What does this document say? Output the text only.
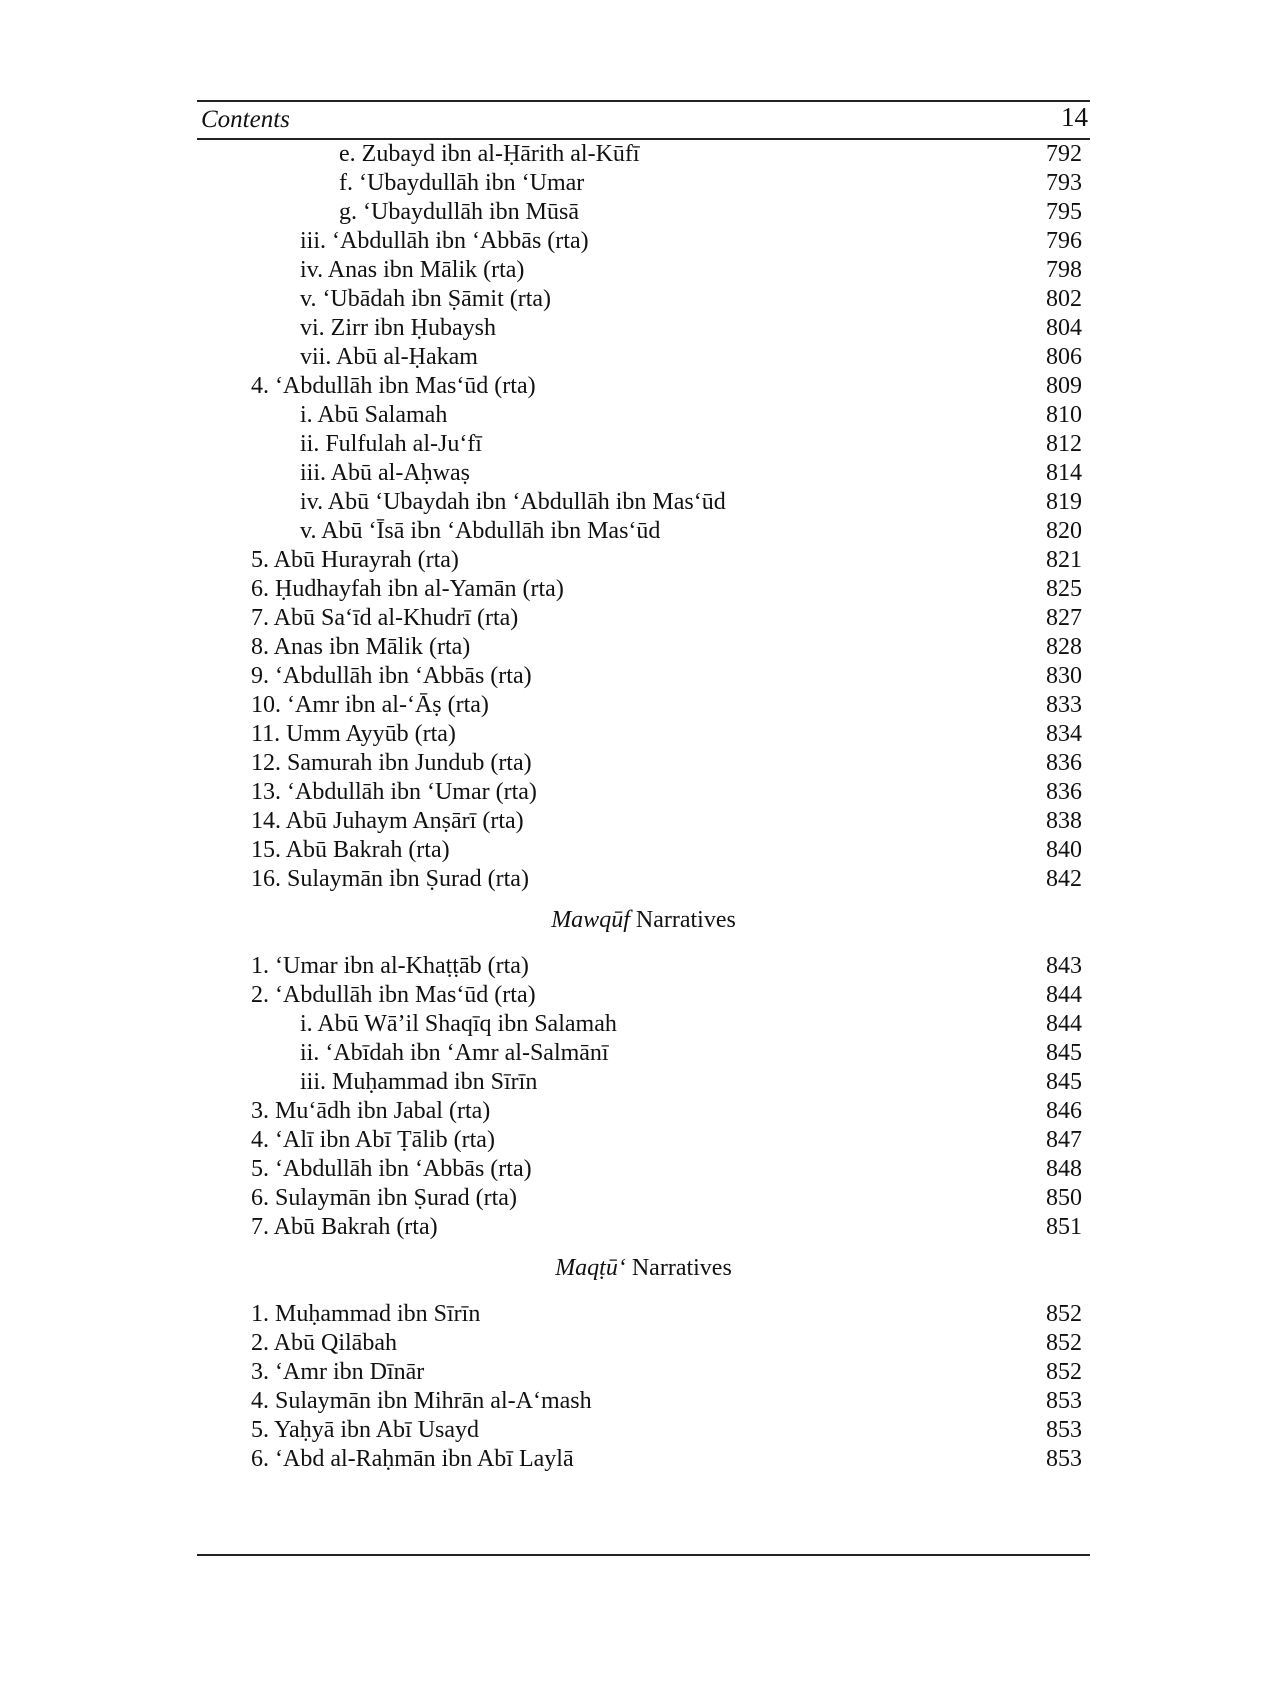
Contents	14
e. Zubayd ibn al-Ḥārith al-Kūfī	792
f. ‘Ubaydullāh ibn ‘Umar	793
g. ‘Ubaydullāh ibn Mūsā	795
iii. ‘Abdullāh ibn ‘Abbās (rta)	796
iv. Anas ibn Mālik (rta)	798
v. ‘Ubādah ibn Ṣāmit (rta)	802
vi. Zirr ibn Ḥubaysh	804
vii. Abū al-Ḥakam	806
4. ‘Abdullāh ibn Mas‘ūd (rta)	809
i. Abū Salamah	810
ii. Fulfulah al-Ju‘fī	812
iii. Abū al-Aḥwaṣ	814
iv. Abū ‘Ubaydah ibn ‘Abdullāh ibn Mas‘ūd	819
v. Abū ‘Īsā ibn ‘Abdullāh ibn Mas‘ūd	820
5. Abū Hurayrah (rta)	821
6. Ḥudhayfah ibn al-Yamān (rta)	825
7. Abū Sa‘īd al-Khudrī (rta)	827
8. Anas ibn Mālik (rta)	828
9. ‘Abdullāh ibn ‘Abbās (rta)	830
10. ‘Amr ibn al-‘Āṣ (rta)	833
11. Umm Ayyūb (rta)	834
12. Samurah ibn Jundub (rta)	836
13. ‘Abdullāh ibn ‘Umar (rta)	836
14. Abū Juhaym Anṣārī (rta)	838
15. Abū Bakrah (rta)	840
16. Sulaymān ibn Ṣurad (rta)	842
Mawqūf Narratives
1. ‘Umar ibn al-Khaṭṭāb (rta)	843
2. ‘Abdullāh ibn Mas‘ūd (rta)	844
i. Abū Wā’il Shaqīq ibn Salamah	844
ii. ‘Abīdah ibn ‘Amr al-Salmānī	845
iii. Muḥammad ibn Sīrīn	845
3. Mu‘ādh ibn Jabal (rta)	846
4. ‘Alī ibn Abī Ṭālib (rta)	847
5. ‘Abdullāh ibn ‘Abbās (rta)	848
6. Sulaymān ibn Ṣurad (rta)	850
7. Abū Bakrah (rta)	851
Maqṭū‘ Narratives
1. Muḥammad ibn Sīrīn	852
2. Abū Qilābah	852
3. ‘Amr ibn Dīnār	852
4. Sulaymān ibn Mihrān al-A‘mash	853
5. Yaḥyā ibn Abī Usayd	853
6. ‘Abd al-Raḥmān ibn Abī Laylā	853
